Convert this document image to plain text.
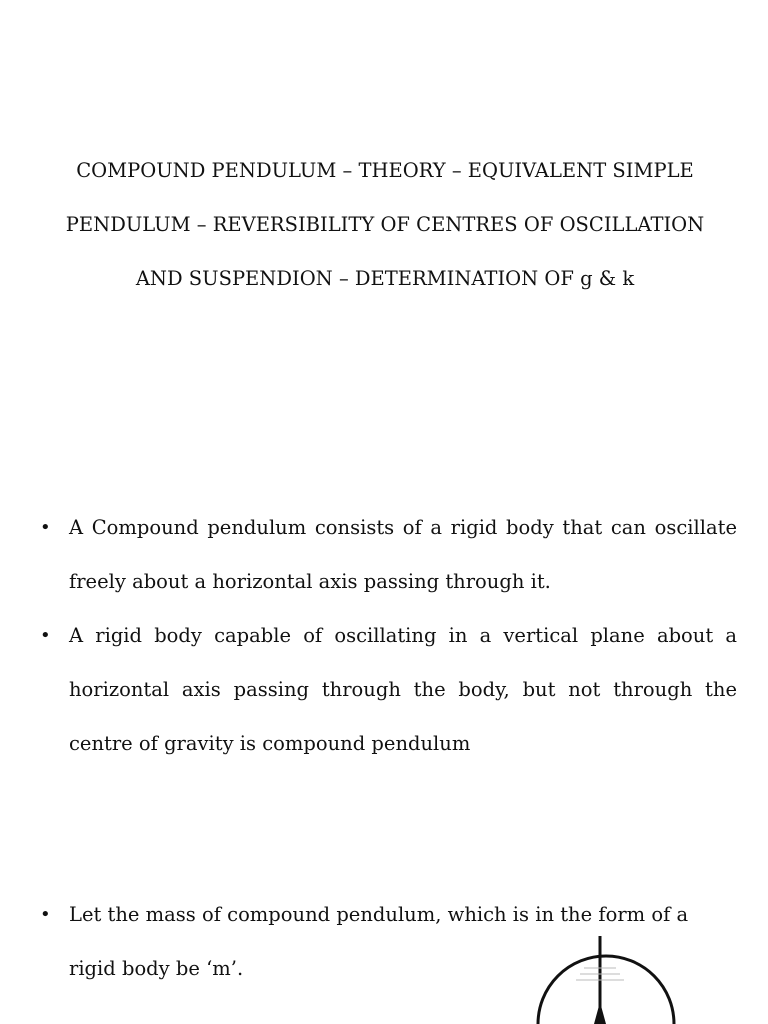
COMPOUND PENDULUM – THEORY – EQUIVALENT SIMPLE
PENDULUM – REVERSIBILITY OF CENTRES OF OSCILLATION
AND SUSPENDION – DETERMINATION OF g & k
• A Compound pendulum consists of a rigid body that can oscillate
freely about a horizontal axis passing through it.
• A rigid body capable of oscillating in a vertical plane about a
horizontal axis passing through the body, but not through the
centre of gravity is compound pendulum
• Let the mass of compound pendulum, which is in the form of a
rigid body be ‘m’.
